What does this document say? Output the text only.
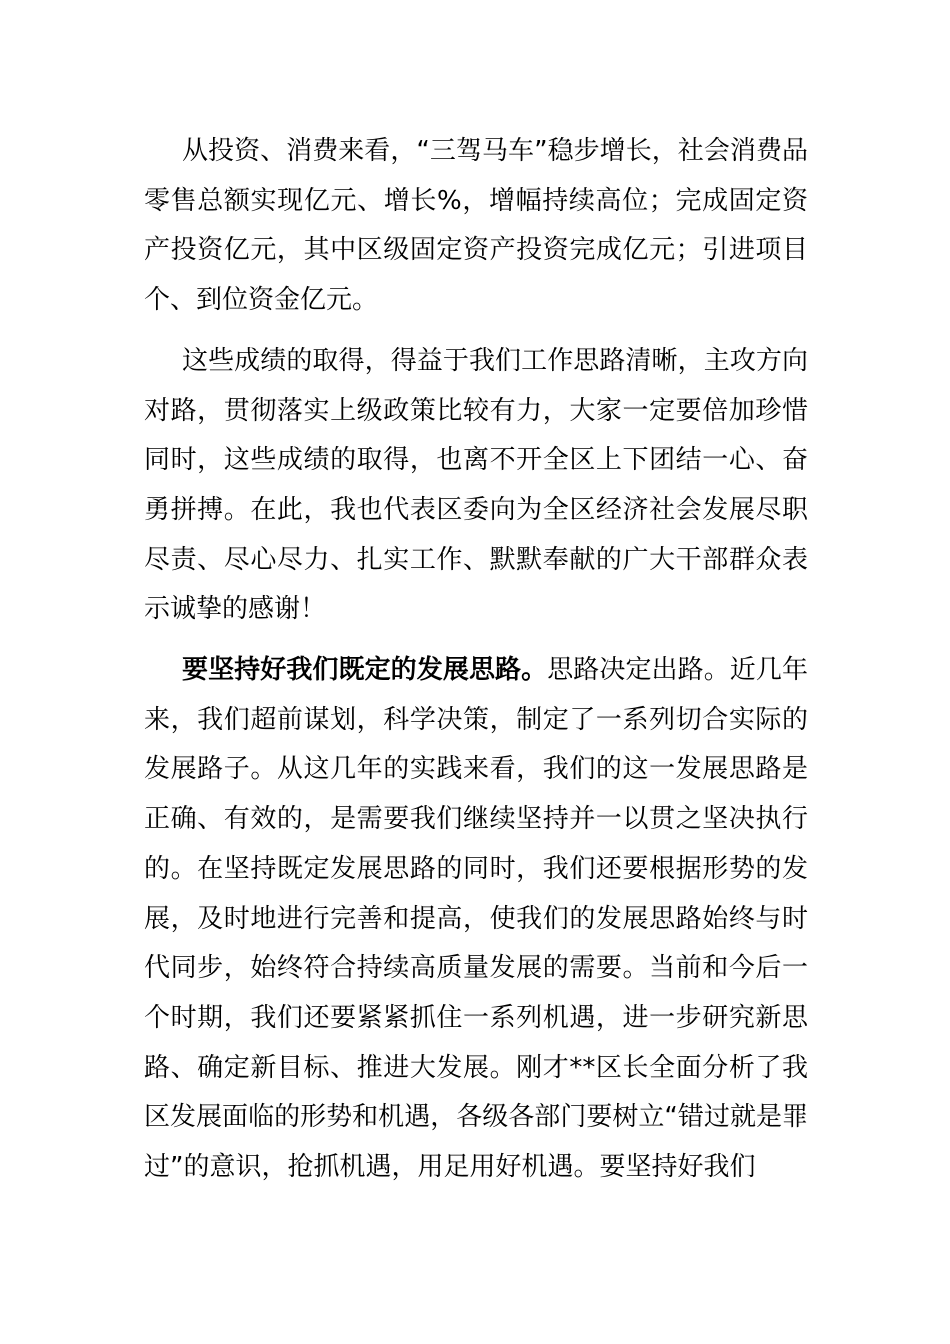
从投资、消费来看，“三驾马车”稳步增长，社会消费品零售总额实现亿元、增长%，增幅持续高位；完成固定资产投资亿元，其中区级固定资产投资完成亿元；引进项目个、到位资金亿元。

这些成绩的取得，得益于我们工作思路清晰，主攻方向对路，贯彻落实上级政策比较有力，大家一定要倍加珍惜同时，这些成绩的取得，也离不开全区上下团结一心、奋勇拼搏。在此，我也代表区委向为全区经济社会发展尽职尽责、尽心尽力、扎实工作、默默奉献的广大干部群众表示诚挚的感谢！

要坚持好我们既定的发展思路。思路决定出路。近几年来，我们超前谋划，科学决策，制定了一系列切合实际的发展路子。从这几年的实践来看，我们的这一发展思路是正确、有效的，是需要我们继续坚持并一以贯之坚决执行的。在坚持既定发展思路的同时，我们还要根据形势的发展，及时地进行完善和提高，使我们的发展思路始终与时代同步，始终符合持续高质量发展的需要。当前和今后一个时期，我们还要紧紧抓住一系列机遇，进一步研究新思路、确定新目标、推进大发展。刚才**区长全面分析了我区发展面临的形势和机遇，各级各部门要树立“错过就是罪过”的意识，抢抓机遇，用足用好机遇。要坚持好我们
